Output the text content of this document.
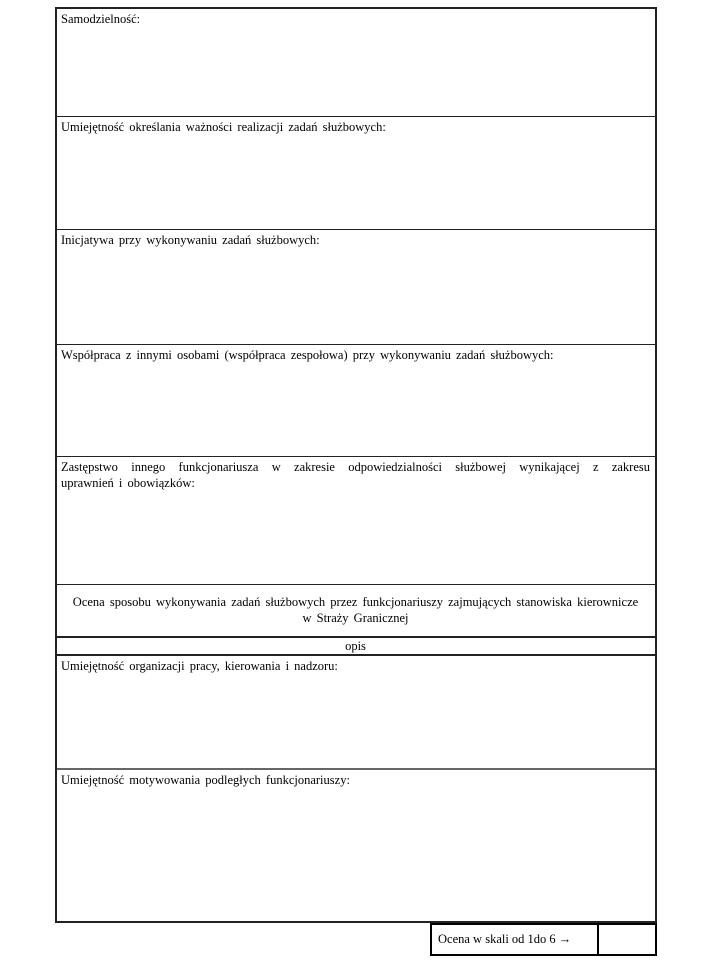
Samodzielność:
Umiejętność określania ważności realizacji zadań służbowych:
Inicjatywa przy wykonywaniu zadań służbowych:
Współpraca z innymi osobami (współpraca zespołowa) przy wykonywaniu zadań służbowych:
Zastępstwo innego funkcjonariusza w zakresie odpowiedzialności służbowej wynikającej z zakresu
uprawnień i obowiązków:
Ocena sposobu wykonywania zadań służbowych przez funkcjonariuszy zajmujących stanowiska kierownicze
w Straży Granicznej
opis
Umiejętność organizacji pracy, kierowania i nadzoru:
Umiejętność motywowania podległych funkcjonariuszy:
Ocena w skali od 1do 6 →
